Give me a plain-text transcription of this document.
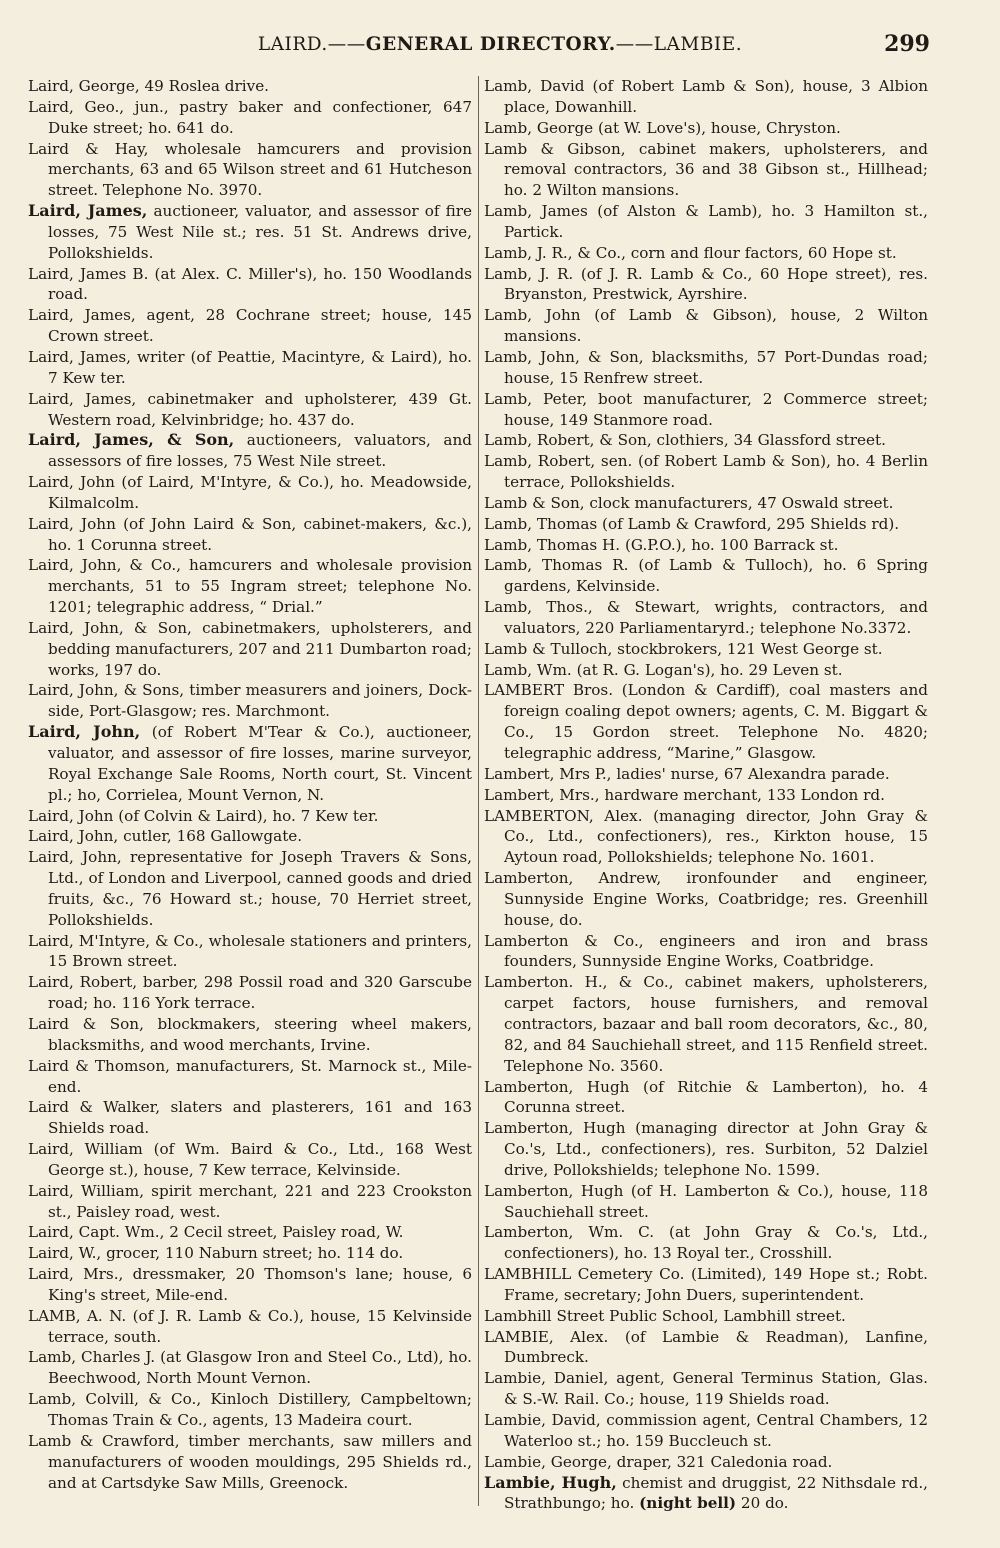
LAIRD.——GENERAL DIRECTORY.——LAMBIE.	299
Laird, George, 49 Roslea drive.
Laird, Geo., jun., pastry baker and confectioner, 647 Duke street; ho. 641 do.
Laird & Hay, wholesale hamcurers and provision merchants, 63 and 65 Wilson street and 61 Hutcheson street. Telephone No. 3970.
Laird, James, auctioneer, valuator, and assessor of fire losses, 75 West Nile st.; res. 51 St. Andrews drive, Pollokshields.
Laird, James B. (at Alex. C. Miller's), ho. 150 Woodlands road.
Laird, James, agent, 28 Cochrane street; house, 145 Crown street.
Laird, James, writer (of Peattie, Macintyre, & Laird), ho. 7 Kew ter.
Laird, James, cabinetmaker and upholsterer, 439 Gt. Western road, Kelvinbridge; ho. 437 do.
Laird, James, & Son, auctioneers, valuators, and assessors of fire losses, 75 West Nile street.
Laird, John (of Laird, M'Intyre, & Co.), ho. Meadowside, Kilmalcolm.
Laird, John (of John Laird & Son, cabinet-makers, &c.), ho. 1 Corunna street.
Laird, John, & Co., hamcurers and wholesale provision merchants, 51 to 55 Ingram street; telephone No. 1201; telegraphic address, “ Drial.”
Laird, John, & Son, cabinetmakers, upholsterers, and bedding manufacturers, 207 and 211 Dumbarton road; works, 197 do.
Laird, John, & Sons, timber measurers and joiners, Dock-side, Port-Glasgow; res. Marchmont.
Laird, John, (of Robert M'Tear & Co.), auctioneer, valuator, and assessor of fire losses, marine surveyor, Royal Exchange Sale Rooms, North court, St. Vincent pl.; ho, Corrielea, Mount Vernon, N.
Laird, John (of Colvin & Laird), ho. 7 Kew ter.
Laird, John, cutler, 168 Gallowgate.
Laird, John, representative for Joseph Travers & Sons, Ltd., of London and Liverpool, canned goods and dried fruits, &c., 76 Howard st.; house, 70 Herriet street, Pollokshields.
Laird, M'Intyre, & Co., wholesale stationers and printers, 15 Brown street.
Laird, Robert, barber, 298 Possil road and 320 Garscube road; ho. 116 York terrace.
Laird & Son, blockmakers, steering wheel makers, blacksmiths, and wood merchants, Irvine.
Laird & Thomson, manufacturers, St. Marnock st., Mile-end.
Laird & Walker, slaters and plasterers, 161 and 163 Shields road.
Laird, William (of Wm. Baird & Co., Ltd., 168 West George st.), house, 7 Kew terrace, Kelvinside.
Laird, William, spirit merchant, 221 and 223 Crookston st., Paisley road, west.
Laird, Capt. Wm., 2 Cecil street, Paisley road, W.
Laird, W., grocer, 110 Naburn street; ho. 114 do.
Laird, Mrs., dressmaker, 20 Thomson's lane; house, 6 King's street, Mile-end.
LAMB, A. N. (of J. R. Lamb & Co.), house, 15 Kelvinside terrace, south.
Lamb, Charles J. (at Glasgow Iron and Steel Co., Ltd), ho. Beechwood, North Mount Vernon.
Lamb, Colvill, & Co., Kinloch Distillery, Campbeltown; Thomas Train & Co., agents, 13 Madeira court.
Lamb & Crawford, timber merchants, saw millers and manufacturers of wooden mouldings, 295 Shields rd., and at Cartsdyke Saw Mills, Greenock.
Lamb, David (of Robert Lamb & Son), house, 3 Albion place, Dowanhill.
Lamb, George (at W. Love's), house, Chryston.
Lamb & Gibson, cabinet makers, upholsterers, and removal contractors, 36 and 38 Gibson st., Hillhead; ho. 2 Wilton mansions.
Lamb, James (of Alston & Lamb), ho. 3 Hamilton st., Partick.
Lamb, J. R., & Co., corn and flour factors, 60 Hope st.
Lamb, J. R. (of J. R. Lamb & Co., 60 Hope street), res. Bryanston, Prestwick, Ayrshire.
Lamb, John (of Lamb & Gibson), house, 2 Wilton mansions.
Lamb, John, & Son, blacksmiths, 57 Port-Dundas road; house, 15 Renfrew street.
Lamb, Peter, boot manufacturer, 2 Commerce street; house, 149 Stanmore road.
Lamb, Robert, & Son, clothiers, 34 Glassford street.
Lamb, Robert, sen. (of Robert Lamb & Son), ho. 4 Berlin terrace, Pollokshields.
Lamb & Son, clock manufacturers, 47 Oswald street.
Lamb, Thomas (of Lamb & Crawford, 295 Shields rd).
Lamb, Thomas H. (G.P.O.), ho. 100 Barrack st.
Lamb, Thomas R. (of Lamb & Tulloch), ho. 6 Spring gardens, Kelvinside.
Lamb, Thos., & Stewart, wrights, contractors, and valuators, 220 Parliamentaryrd.; telephone No.3372.
Lamb & Tulloch, stockbrokers, 121 West George st.
Lamb, Wm. (at R. G. Logan's), ho. 29 Leven st.
LAMBERT Bros. (London & Cardiff), coal masters and foreign coaling depot owners; agents, C. M. Biggart & Co., 15 Gordon street. Telephone No. 4820; telegraphic address, “Marine,” Glasgow.
Lambert, Mrs P., ladies' nurse, 67 Alexandra parade.
Lambert, Mrs., hardware merchant, 133 London rd.
LAMBERTON, Alex. (managing director, John Gray & Co., Ltd., confectioners), res., Kirkton house, 15 Aytoun road, Pollokshields; telephone No. 1601.
Lamberton, Andrew, ironfounder and engineer, Sunnyside Engine Works, Coatbridge; res. Greenhill house, do.
Lamberton & Co., engineers and iron and brass founders, Sunnyside Engine Works, Coatbridge.
Lamberton. H., & Co., cabinet makers, upholsterers, carpet factors, house furnishers, and removal contractors, bazaar and ball room decorators, &c., 80, 82, and 84 Sauchiehall street, and 115 Renfield street. Telephone No. 3560.
Lamberton, Hugh (of Ritchie & Lamberton), ho. 4 Corunna street.
Lamberton, Hugh (managing director at John Gray & Co.'s, Ltd., confectioners), res. Surbiton, 52 Dalziel drive, Pollokshields; telephone No. 1599.
Lamberton, Hugh (of H. Lamberton & Co.), house, 118 Sauchiehall street.
Lamberton, Wm. C. (at John Gray & Co.'s, Ltd., confectioners), ho. 13 Royal ter., Crosshill.
LAMBHILL Cemetery Co. (Limited), 149 Hope st.; Robt. Frame, secretary; John Duers, superintendent.
Lambhill Street Public School, Lambhill street.
LAMBIE, Alex. (of Lambie & Readman), Lanfine, Dumbreck.
Lambie, Daniel, agent, General Terminus Station, Glas. & S.-W. Rail. Co.; house, 119 Shields road.
Lambie, David, commission agent, Central Chambers, 12 Waterloo st.; ho. 159 Buccleuch st.
Lambie, George, draper, 321 Caledonia road.
Lambie, Hugh, chemist and druggist, 22 Nithsdale rd., Strathbungo; ho. (night bell) 20 do.
